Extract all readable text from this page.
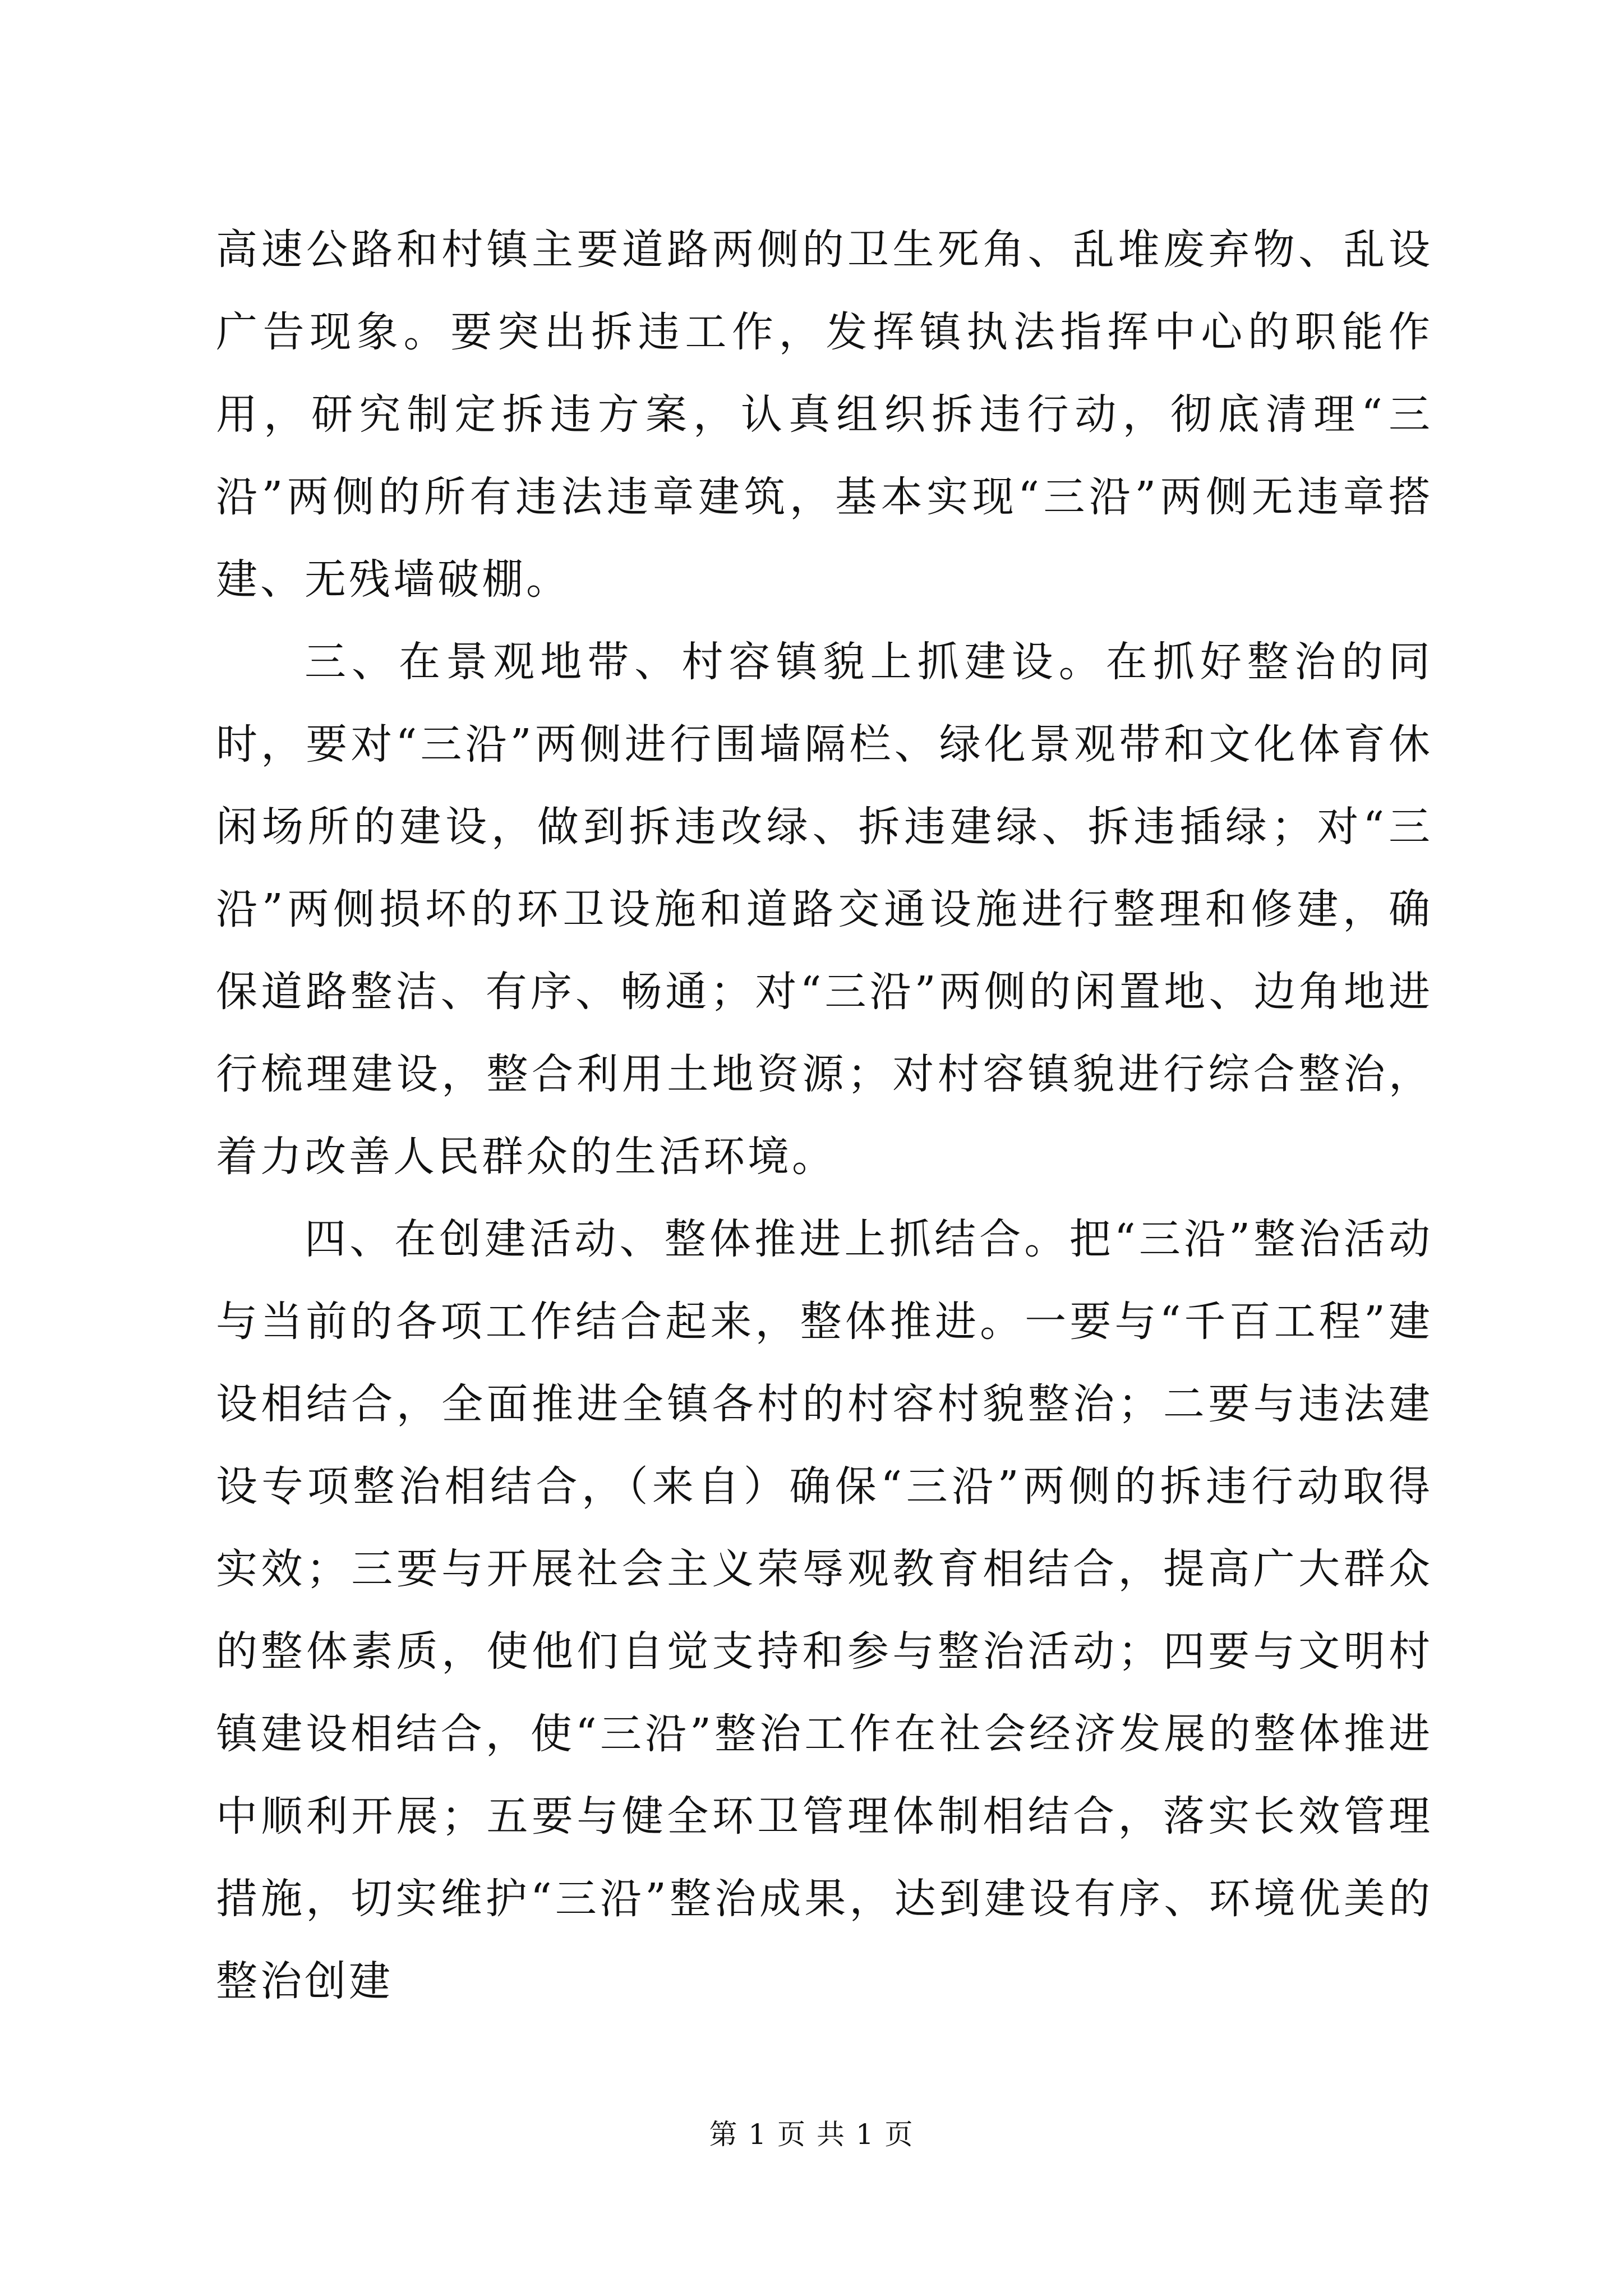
高速公路和村镇主要道路两侧的卫生死角、乱堆废弃物、乱设广告现象。要突出拆违工作，发挥镇执法指挥中心的职能作用，研究制定拆违方案，认真组织拆违行动，彻底清理“三沿”两侧的所有违法违章建筑，基本实现“三沿”两侧无违章搭建、无残墙破棚。

三、在景观地带、村容镇貌上抓建设。在抓好整治的同时，要对“三沿”两侧进行围墙隔栏、绿化景观带和文化体育休闲场所的建设，做到拆违改绿、拆违建绿、拆违插绿；对“三沿”两侧损坏的环卫设施和道路交通设施进行整理和修建，确保道路整洁、有序、畅通；对“三沿”两侧的闲置地、边角地进行梳理建设，整合利用土地资源；对村容镇貌进行综合整治，着力改善人民群众的生活环境。

四、在创建活动、整体推进上抓结合。把“三沿”整治活动与当前的各项工作结合起来，整体推进。一要与“千百工程”建设相结合，全面推进全镇各村的村容村貌整治；二要与违法建设专项整治相结合，（来自）确保“三沿”两侧的拆违行动取得实效；三要与开展社会主义荣辱观教育相结合，提高广大群众的整体素质，使他们自觉支持和参与整治活动；四要与文明村镇建设相结合，使“三沿”整治工作在社会经济发展的整体推进中顺利开展；五要与健全环卫管理体制相结合，落实长效管理措施，切实维护“三沿”整治成果，达到建设有序、环境优美的整治创建

第 1 页 共 1 页
